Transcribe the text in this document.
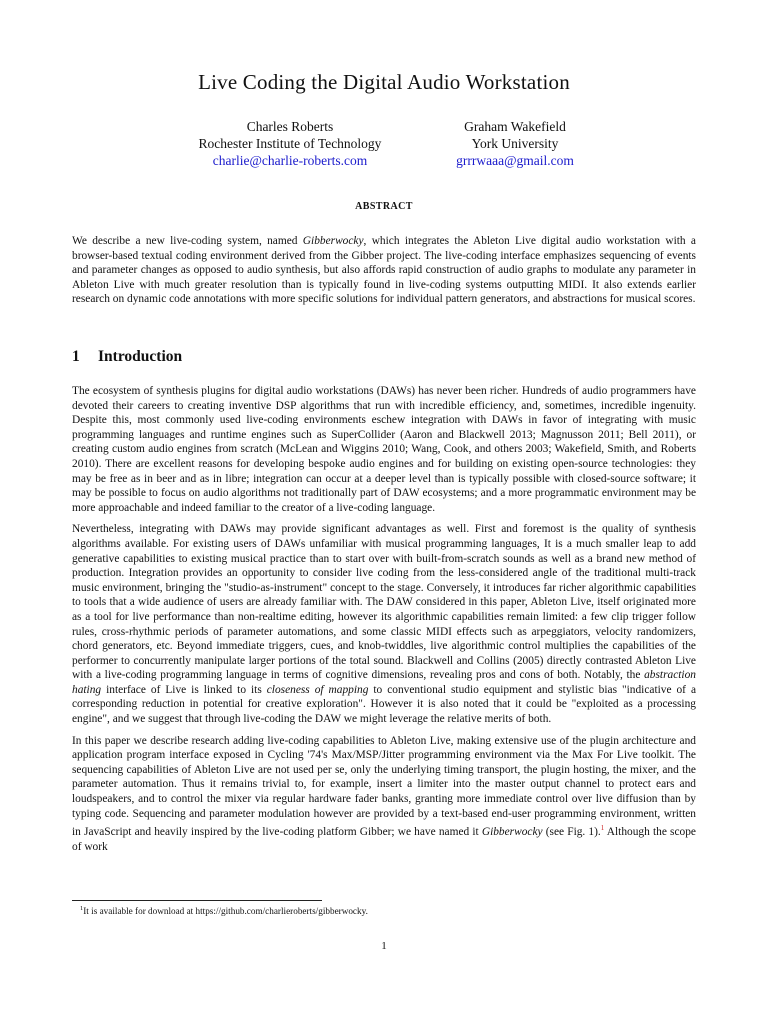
Live Coding the Digital Audio Workstation
Charles Roberts
Rochester Institute of Technology
charlie@charlie-roberts.com
Graham Wakefield
York University
grrrwaaa@gmail.com
ABSTRACT

We describe a new live-coding system, named Gibberwocky, which integrates the Ableton Live digital audio workstation with a browser-based textual coding environment derived from the Gibber project. The live-coding interface emphasizes sequencing of events and parameter changes as opposed to audio synthesis, but also affords rapid construction of audio graphs to modulate any parameter in Ableton Live with much greater resolution than is typically found in live-coding systems outputting MIDI. It also extends earlier research on dynamic code annotations with more specific solutions for individual pattern generators, and abstractions for musical scores.

1 Introduction

The ecosystem of synthesis plugins for digital audio workstations (DAWs) has never been richer. Hundreds of audio programmers have devoted their careers to creating inventive DSP algorithms that run with incredible efficiency, and, sometimes, incredible ingenuity. Despite this, most commonly used live-coding environments eschew integration with DAWs in favor of integrating with music programming languages and runtime engines such as SuperCollider (Aaron and Blackwell 2013; Magnusson 2011; Bell 2011), or creating custom audio engines from scratch (McLean and Wiggins 2010; Wang, Cook, and others 2003; Wakefield, Smith, and Roberts 2010). There are excellent reasons for developing bespoke audio engines and for building on existing open-source technologies: they may be free as in beer and as in libre; integration can occur at a deeper level than is typically possible with closed-source software; it may be possible to focus on audio algorithms not traditionally part of DAW ecosystems; and a more programmatic environment may be more approachable and indeed familiar to the creator of a live-coding language.

Nevertheless, integrating with DAWs may provide significant advantages as well. First and foremost is the quality of synthesis algorithms available. For existing users of DAWs unfamiliar with musical programming languages, It is a much smaller leap to add generative capabilities to existing musical practice than to start over with built-from-scratch sounds as well as a brand new method of production. Integration provides an opportunity to consider live coding from the less-considered angle of the traditional multi-track music environment, bringing the "studio-as-instrument" concept to the stage. Conversely, it introduces far richer algorithmic capabilities to tools that a wide audience of users are already familiar with. The DAW considered in this paper, Ableton Live, itself originated more as a tool for live performance than non-realtime editing, however its algorithmic capabilities remain limited: a few clip trigger follow rules, cross-rhythmic periods of parameter automations, and some classic MIDI effects such as arpeggiators, velocity randomizers, chord generators, etc. Beyond immediate triggers, cues, and knob-twiddles, live algorithmic control multiplies the capabilities of the performer to concurrently manipulate larger portions of the total sound. Blackwell and Collins (2005) directly contrasted Ableton Live with a live-coding programming language in terms of cognitive dimensions, revealing pros and cons of both. Notably, the abstraction hating interface of Live is linked to its closeness of mapping to conventional studio equipment and stylistic bias "indicative of a corresponding reduction in potential for creative exploration". However it is also noted that it could be "exploited as a processing engine", and we suggest that through live-coding the DAW we might leverage the relative merits of both.

In this paper we describe research adding live-coding capabilities to Ableton Live, making extensive use of the plugin architecture and application program interface exposed in Cycling '74's Max/MSP/Jitter programming environment via the Max For Live toolkit. The sequencing capabilities of Ableton Live are not used per se, only the underlying timing transport, the plugin hosting, the mixer, and the parameter automation. Thus it remains trivial to, for example, insert a limiter into the master output channel to protect ears and loudspeakers, and to control the mixer via regular hardware fader banks, granting more immediate control over live diffusion than by typing code. Sequencing and parameter modulation however are provided by a text-based end-user programming environment, written in JavaScript and heavily inspired by the live-coding platform Gibber; we have named it Gibberwocky (see Fig. 1).$^1$ Although the scope of work

$^1$It is available for download at https://github.com/charlieroberts/gibberwocky.

1
